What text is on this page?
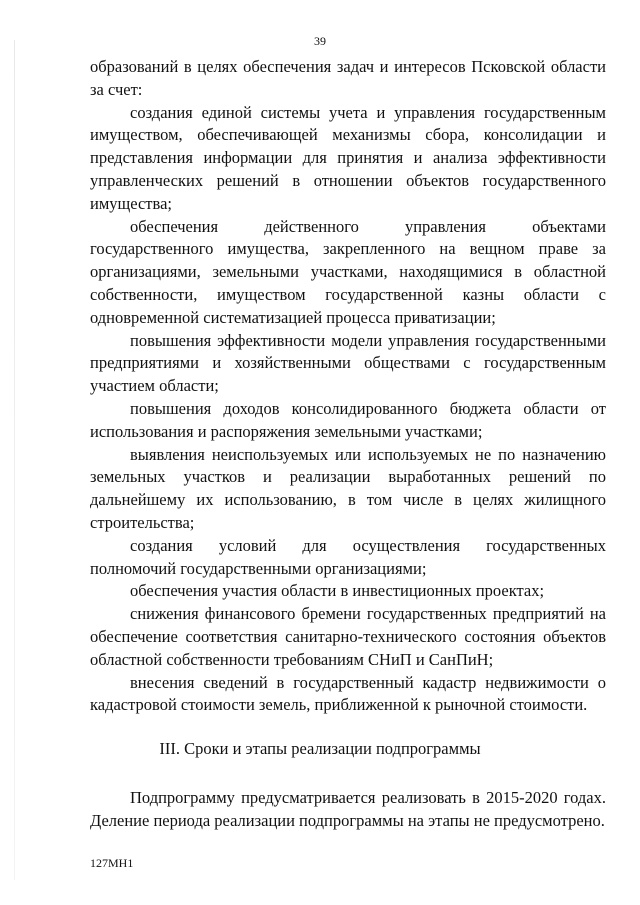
39

образований в целях обеспечения задач и интересов Псковской области за счет:

создания единой системы учета и управления государственным имуществом, обеспечивающей механизмы сбора, консолидации и представления информации для принятия и анализа эффективности управленческих решений в отношении объектов государственного имущества;

обеспечения действенного управления объектами государственного имущества, закрепленного на вещном праве за организациями, земельными участками, находящимися в областной собственности, имуществом государственной казны области с одновременной систематизацией процесса приватизации;

повышения эффективности модели управления государственными предприятиями и хозяйственными обществами с государственным участием области;

повышения доходов консолидированного бюджета области от использования и распоряжения земельными участками;

выявления неиспользуемых или используемых не по назначению земельных участков и реализации выработанных решений по дальнейшему их использованию, в том числе в целях жилищного строительства;

создания условий для осуществления государственных полномочий государственными организациями;

обеспечения участия области в инвестиционных проектах;

снижения финансового бремени государственных предприятий на обеспечение соответствия санитарно-технического состояния объектов областной собственности требованиям СНиП и СанПиН;

внесения сведений в государственный кадастр недвижимости о кадастровой стоимости земель, приближенной к рыночной стоимости.

III. Сроки и этапы реализации подпрограммы

Подпрограмму предусматривается реализовать в 2015-2020 годах. Деление периода реализации подпрограммы на этапы не предусмотрено.

127МН1
